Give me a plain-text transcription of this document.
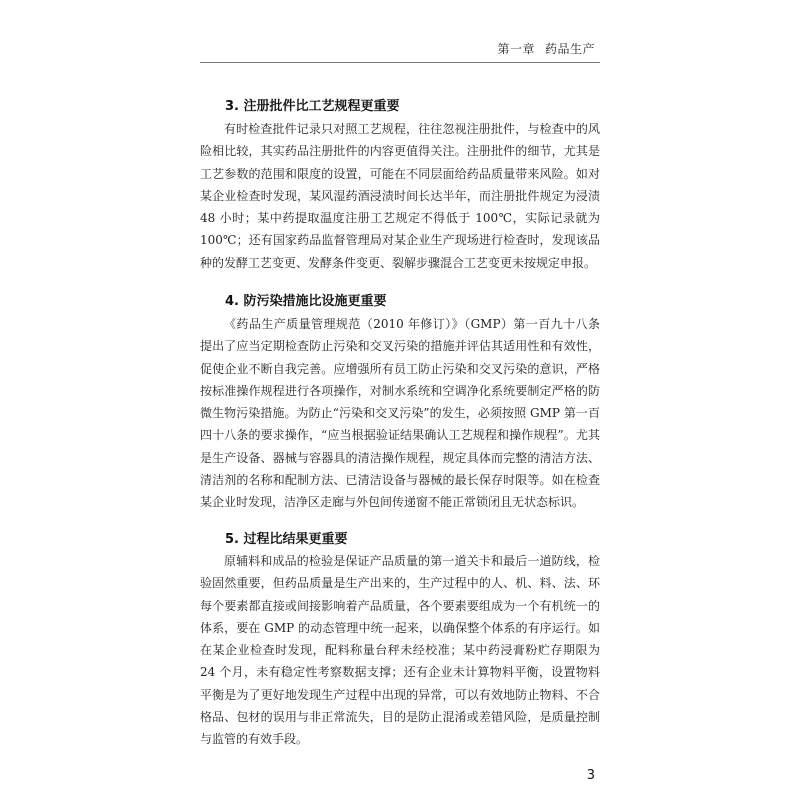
第一章 药品生产
3. 注册批件比工艺规程更重要

有时检查批件记录只对照工艺规程，往往忽视注册批件，与检查中的风险相比较，其实药品注册批件的内容更值得关注。注册批件的细节，尤其是工艺参数的范围和限度的设置，可能在不同层面给药品质量带来风险。如对某企业检查时发现，某风湿药酒浸渍时间长达半年，而注册批件规定为浸渍 48 小时；某中药提取温度注册工艺规定不得低于 100℃，实际记录就为 100℃；还有国家药品监督管理局对某企业生产现场进行检查时，发现该品种的发酵工艺变更、发酵条件变更、裂解步骤混合工艺变更未按规定申报。

4. 防污染措施比设施更重要

《药品生产质量管理规范（2010 年修订）》（GMP）第一百九十八条提出了应当定期检查防止污染和交叉污染的措施并评估其适用性和有效性，促使企业不断自我完善。应增强所有员工防止污染和交叉污染的意识，严格按标准操作规程进行各项操作，对制水系统和空调净化系统要制定严格的防微生物污染措施。为防止“污染和交叉污染”的发生，必须按照 GMP 第一百四十八条的要求操作，“应当根据验证结果确认工艺规程和操作规程”。尤其是生产设备、器械与容器具的清洁操作规程，规定具体而完整的清洁方法、清洁剂的名称和配制方法、已清洁设备与器械的最长保存时限等。如在检查某企业时发现，洁净区走廊与外包间传递窗不能正常锁闭且无状态标识。

5. 过程比结果更重要

原辅料和成品的检验是保证产品质量的第一道关卡和最后一道防线，检验固然重要，但药品质量是生产出来的，生产过程中的人、机、料、法、环每个要素都直接或间接影响着产品质量，各个要素要组成为一个有机统一的体系，要在 GMP 的动态管理中统一起来，以确保整个体系的有序运行。如在某企业检查时发现，配料称量台秤未经校准；某中药浸膏粉贮存期限为 24 个月，未有稳定性考察数据支撑；还有企业未计算物料平衡，设置物料平衡是为了更好地发现生产过程中出现的异常，可以有效地防止物料、不合格品、包材的误用与非正常流失，目的是防止混淆或差错风险，是质量控制与监管的有效手段。

3
